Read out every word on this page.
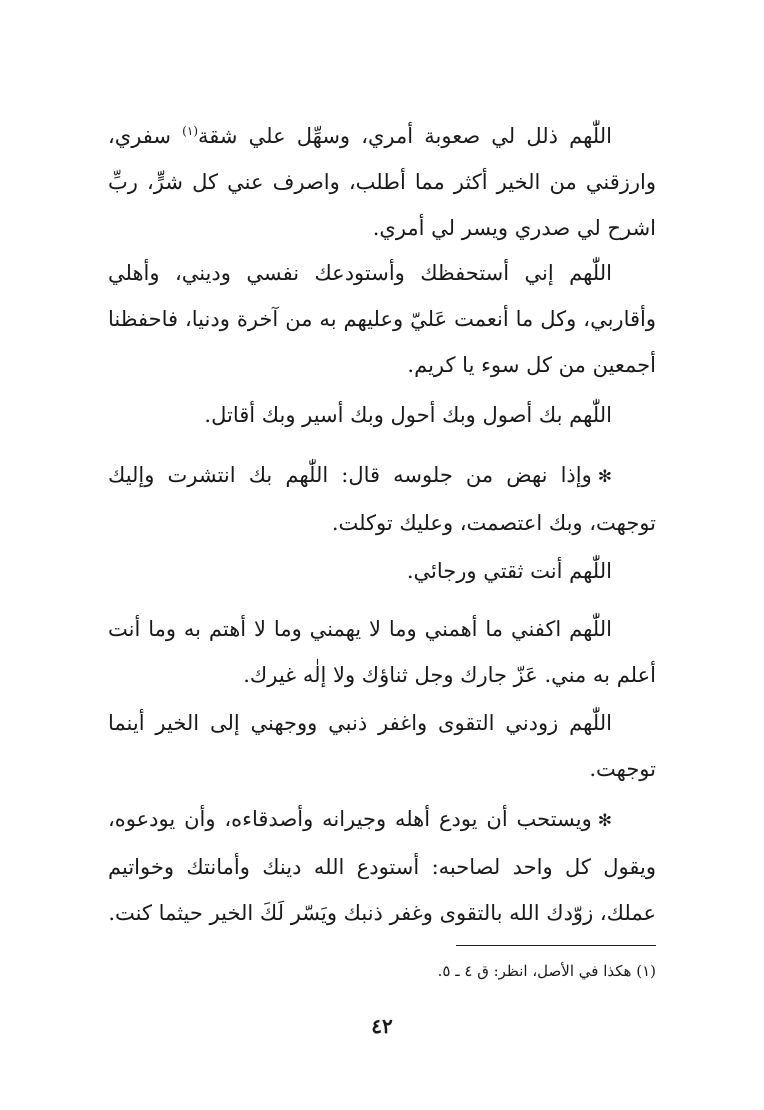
اللّٰهم ذلل لي صعوبة أمري، وسهِّل علي شقة$^{(١)}$ سفري، وارزقني من الخير أكثر مما أطلب، واصرف عني كل شرٍّ، ربِّ اشرح لي صدري ويسر لي أمري.

اللّٰهم إني أستحفظك وأستودعك نفسي وديني، وأهلي وأقاربي، وكل ما أنعمت عَليّ وعليهم به من آخرة ودنيا، فاحفظنا أجمعين من كل سوء يا كريم.

اللّٰهم بك أصول وبك أحول وبك أسير وبك أقاتل.

✻وإذا نهض من جلوسه قال: اللّٰهم بك انتشرت وإليك توجهت، وبك اعتصمت، وعليك توكلت.

اللّٰهم أنت ثقتي ورجائي.

اللّٰهم اكفني ما أهمني وما لا يهمني وما لا أهتم به وما أنت أعلم به مني. عَزّ جارك وجل ثناؤك ولا إلٰه غيرك.

اللّٰهم زودني التقوى واغفر ذنبي ووجهني إلى الخير أينما توجهت.

✻ويستحب أن يودع أهله وجيرانه وأصدقاءه، وأن يودعوه، ويقول كل واحد لصاحبه: أستودع الله دينك وأمانتك وخواتيم عملك، زوّدك الله بالتقوى وغفر ذنبك ويَسّر لَكَ الخير حيثما كنت.

(١) هكذا في الأصل، انظر: ق ٤ ـ ٥.

٤٢
